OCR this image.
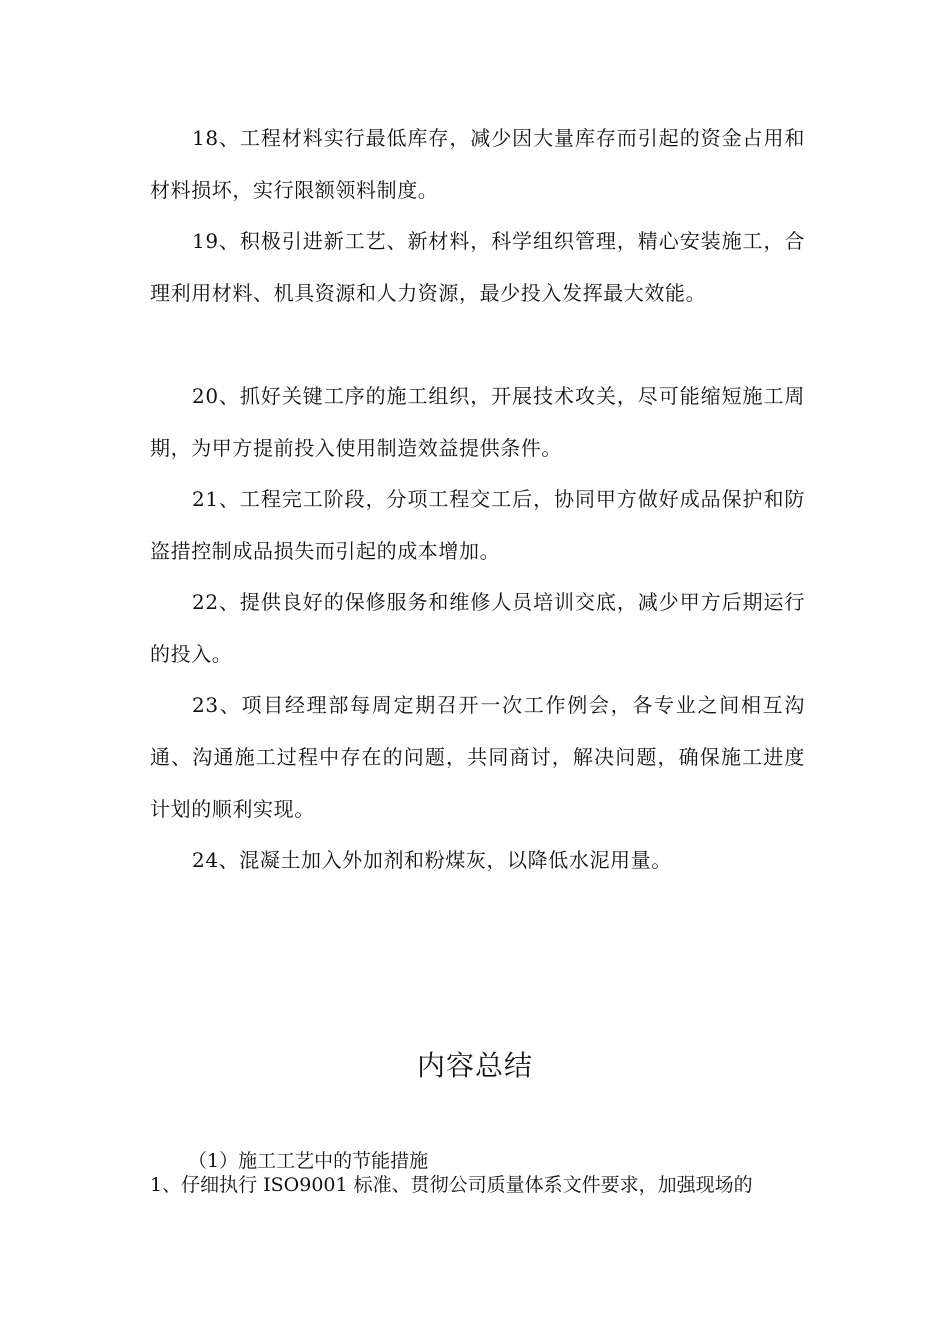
18、工程材料实行最低库存，减少因大量库存而引起的资金占用和材料损坏，实行限额领料制度。

19、积极引进新工艺、新材料，科学组织管理，精心安装施工，合理利用材料、机具资源和人力资源，最少投入发挥最大效能。

20、抓好关键工序的施工组织，开展技术攻关，尽可能缩短施工周期，为甲方提前投入使用制造效益提供条件。

21、工程完工阶段，分项工程交工后，协同甲方做好成品保护和防盗措控制成品损失而引起的成本增加。

22、提供良好的保修服务和维修人员培训交底，减少甲方后期运行的投入。

23、项目经理部每周定期召开一次工作例会，各专业之间相互沟通、沟通施工过程中存在的问题，共同商讨，解决问题，确保施工进度计划的顺利实现。

24、混凝土加入外加剂和粉煤灰，以降低水泥用量。

内容总结

（1）施工工艺中的节能措施

1、仔细执行 ISO9001 标准、贯彻公司质量体系文件要求，加强现场的
